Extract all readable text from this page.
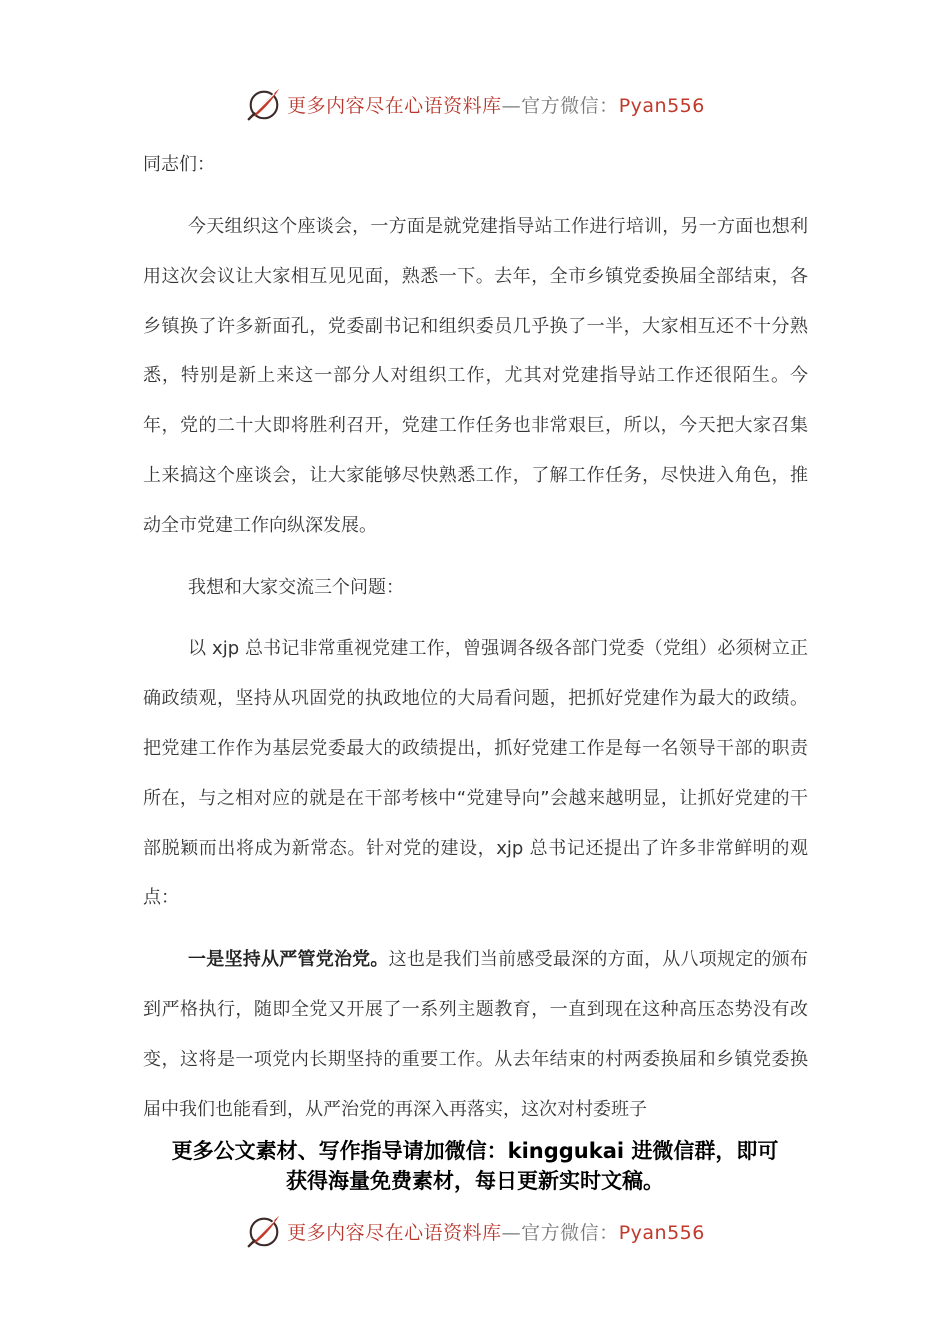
更多内容尽在心语资料库—官方微信：Pyan556
同志们：

今天组织这个座谈会，一方面是就党建指导站工作进行培训，另一方面也想利用这次会议让大家相互见见面，熟悉一下。去年，全市乡镇党委换届全部结束，各乡镇换了许多新面孔，党委副书记和组织委员几乎换了一半，大家相互还不十分熟悉，特别是新上来这一部分人对组织工作，尤其对党建指导站工作还很陌生。今年，党的二十大即将胜利召开，党建工作任务也非常艰巨，所以，今天把大家召集上来搞这个座谈会，让大家能够尽快熟悉工作，了解工作任务，尽快进入角色，推动全市党建工作向纵深发展。

我想和大家交流三个问题：

以 xjp 总书记非常重视党建工作，曾强调各级各部门党委（党组）必须树立正确政绩观，坚持从巩固党的执政地位的大局看问题，把抓好党建作为最大的政绩。把党建工作作为基层党委最大的政绩提出，抓好党建工作是每一名领导干部的职责所在，与之相对应的就是在干部考核中“党建导向”会越来越明显，让抓好党建的干部脱颖而出将成为新常态。针对党的建设，xjp 总书记还提出了许多非常鲜明的观点：

一是坚持从严管党治党。这也是我们当前感受最深的方面，从八项规定的颁布到严格执行，随即全党又开展了一系列主题教育，一直到现在这种高压态势没有改变，这将是一项党内长期坚持的重要工作。从去年结束的村两委换届和乡镇党委换届中我们也能看到，从严治党的再深入再落实，这次对村委班子

更多公文素材、写作指导请加微信：kinggukai 进微信群，即可
获得海量免费素材，每日更新实时文稿。
更多内容尽在心语资料库—官方微信：Pyan556
